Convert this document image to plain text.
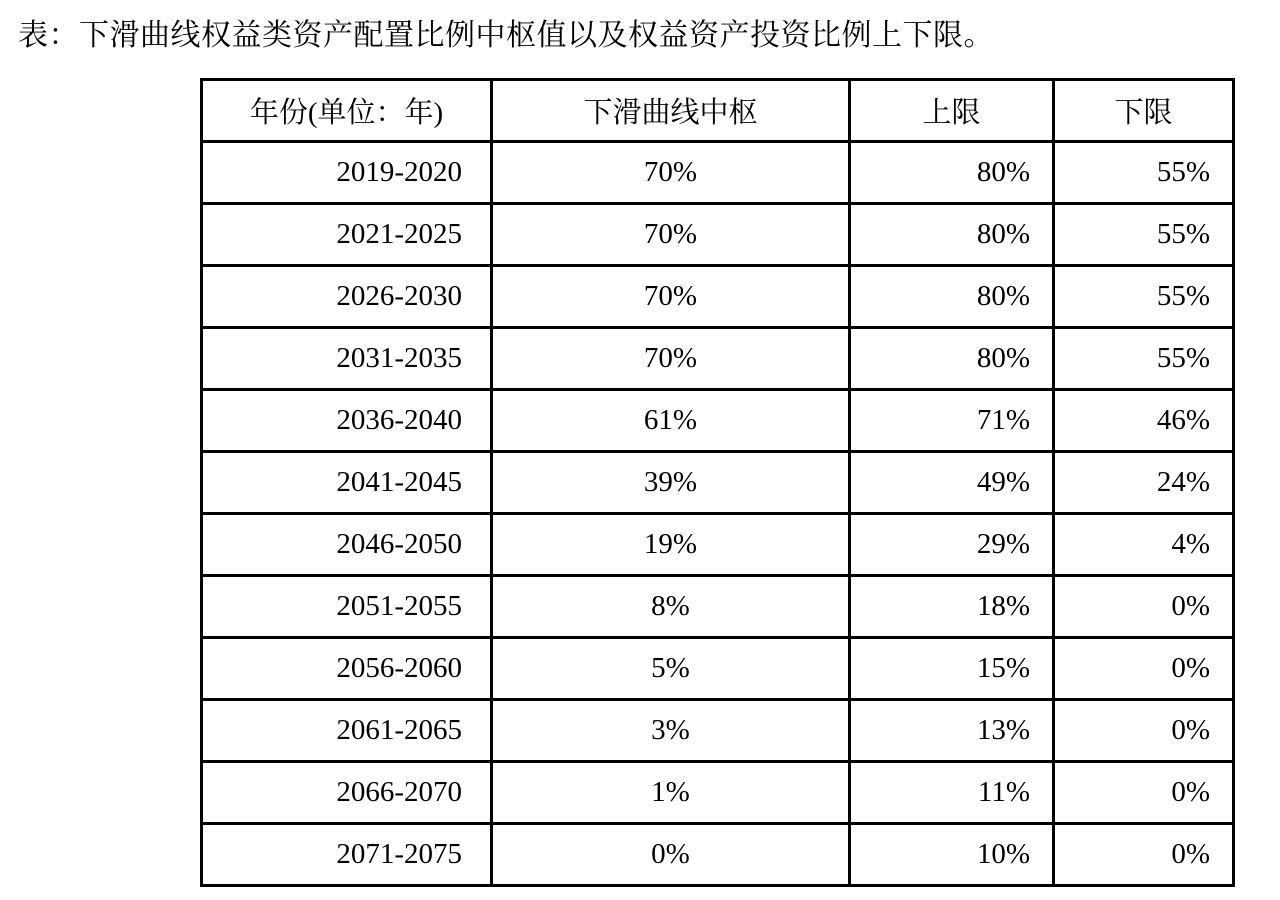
表：下滑曲线权益类资产配置比例中枢值以及权益资产投资比例上下限。
年份(单位：年)	下滑曲线中枢	上限	下限
2019-2020	70%	80%	55%
2021-2025	70%	80%	55%
2026-2030	70%	80%	55%
2031-2035	70%	80%	55%
2036-2040	61%	71%	46%
2041-2045	39%	49%	24%
2046-2050	19%	29%	4%
2051-2055	8%	18%	0%
2056-2060	5%	15%	0%
2061-2065	3%	13%	0%
2066-2070	1%	11%	0%
2071-2075	0%	10%	0%
